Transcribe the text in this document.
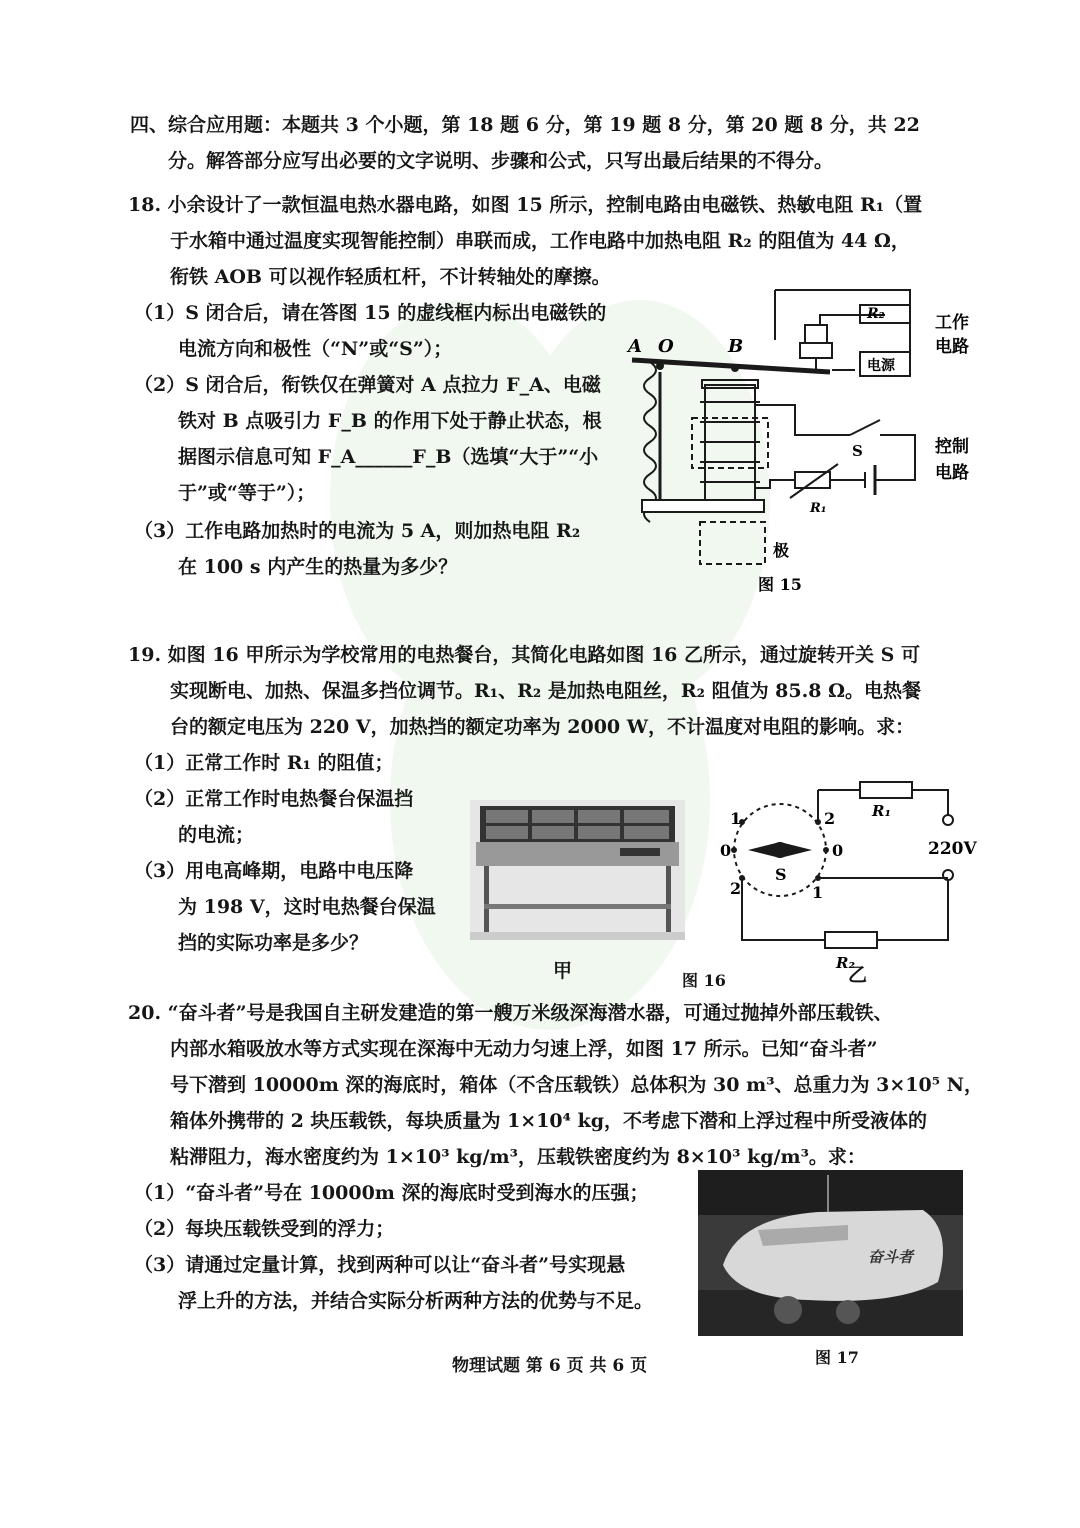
四、综合应用题：本题共 3 个小题，第 18 题 6 分，第 19 题 8 分，第 20 题 8 分，共 22
分。解答部分应写出必要的文字说明、步骤和公式，只写出最后结果的不得分。
18. 小余设计了一款恒温电热水器电路，如图 15 所示，控制电路由电磁铁、热敏电阻 R₁（置
于水箱中通过温度实现智能控制）串联而成，工作电路中加热电阻 R₂ 的阻值为 44 Ω，
衔铁 AOB 可以视作轻质杠杆，不计转轴处的摩擦。
（1）S 闭合后，请在答图 15 的虚线框内标出电磁铁的
电流方向和极性（“N”或“S”）；
（2）S 闭合后，衔铁仅在弹簧对 A 点拉力 F_A、电磁
铁对 B 点吸引力 F_B 的作用下处于静止状态，根
据图示信息可知 F_A______F_B（选填“大于”“小
于”或“等于”）；
（3）工作电路加热时的电流为 5 A，则加热电阻 R₂
在 100 s 内产生的热量为多少？
A O	B
R₂
电源
S
R₁
极
工作
电路
控制
电路
图 15
19. 如图 16 甲所示为学校常用的电热餐台，其简化电路如图 16 乙所示，通过旋转开关 S 可
实现断电、加热、保温多挡位调节。R₁、R₂ 是加热电阻丝，R₂ 阻值为 85.8 Ω。电热餐
台的额定电压为 220 V，加热挡的额定功率为 2000 W，不计温度对电阻的影响。求：
（1）正常工作时 R₁ 的阻值；
（2）正常工作时电热餐台保温挡
的电流；
（3）用电高峰期，电路中电压降
为 198 V，这时电热餐台保温
挡的实际功率是多少？
甲
1	2
0	0
2	1
S
R₁
R₂
220V
乙
图 16
20. “奋斗者”号是我国自主研发建造的第一艘万米级深海潜水器，可通过抛掉外部压载铁、
内部水箱吸放水等方式实现在深海中无动力匀速上浮，如图 17 所示。已知“奋斗者”
号下潜到 10000m 深的海底时，箱体（不含压载铁）总体积为 30 m³、总重力为 3×10⁵ N，
箱体外携带的 2 块压载铁，每块质量为 1×10⁴ kg，不考虑下潜和上浮过程中所受液体的
粘滞阻力，海水密度约为 1×10³ kg/m³，压载铁密度约为 8×10³ kg/m³。求：
（1）“奋斗者”号在 10000m 深的海底时受到海水的压强；
（2）每块压载铁受到的浮力；
（3）请通过定量计算，找到两种可以让“奋斗者”号实现悬
浮上升的方法，并结合实际分析两种方法的优势与不足。
奋斗者
图 17
物理试题 第 6 页 共 6 页
